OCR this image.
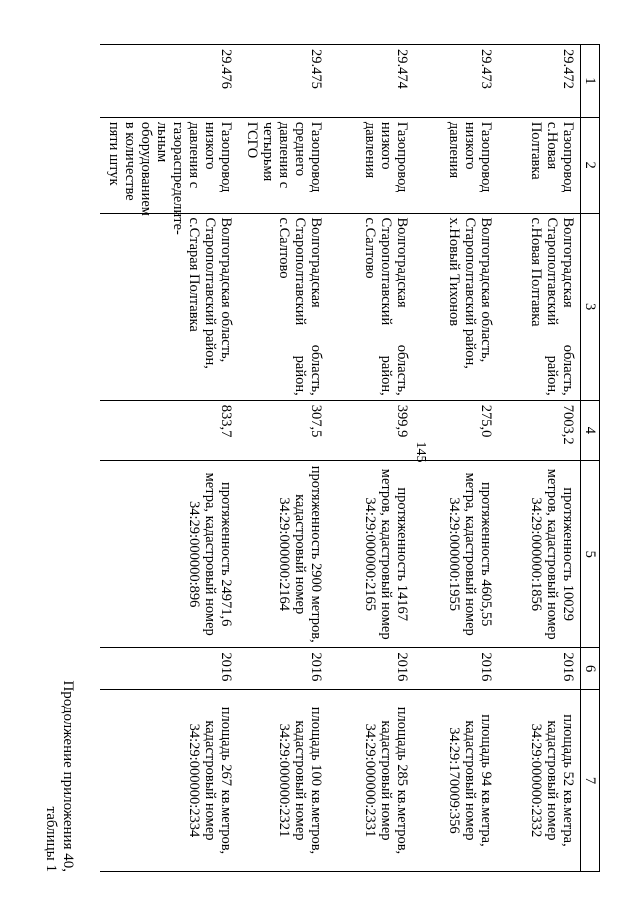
145
Продолжение приложения 40,
таблицы 1
1	2	3	4	5	6	7
29.472	Газопровод с.Новая Полтавка	Волгоградская область, Старополтавский район, с.Новая Полтавка	7003,2	протяженность 10029 метров, кадастровый номер 34:29:000000:1856	2016	площадь 52 кв.метра, кадастровый номер 34:29:000000:2332
29.473	Газопровод низкого давления	Волгоградская область, Старополтавский район, х.Новый Тихонов	275,0	протяженность 4605,55 метра, кадастровый номер 34:29:000000:1955	2016	площадь 94 кв.метра, кадастровый номер 34:29:170009:356
29.474	Газопровод низкого давления	Волгоградская область, Старополтавский район, с.Салтово	399,9	протяженность 14167 метров, кадастровый номер 34:29:000000:2165	2016	площадь 285 кв.метров, кадастровый номер 34:29:000000:2331
29.475	Газопровод среднего давления с четырьмя ГСГО	Волгоградская область, Старополтавский район, с.Салтово	307,5	протяженность 2900 метров, кадастровый номер 34:29:000000:2164	2016	площадь 100 кв.метров, кадастровый номер 34:29:000000:2321
29.476	Газопровод низкого давления с газораспределите-льным оборудованием в количестве пяти штук	Волгоградская область, Старополтавский район, с.Старая Полтавка	833,7	протяженность 24971,6 метра, кадастровый номер 34:29:000000:896	2016	площадь 267 кв.метров, кадастровый номер 34:29:000000:2334
